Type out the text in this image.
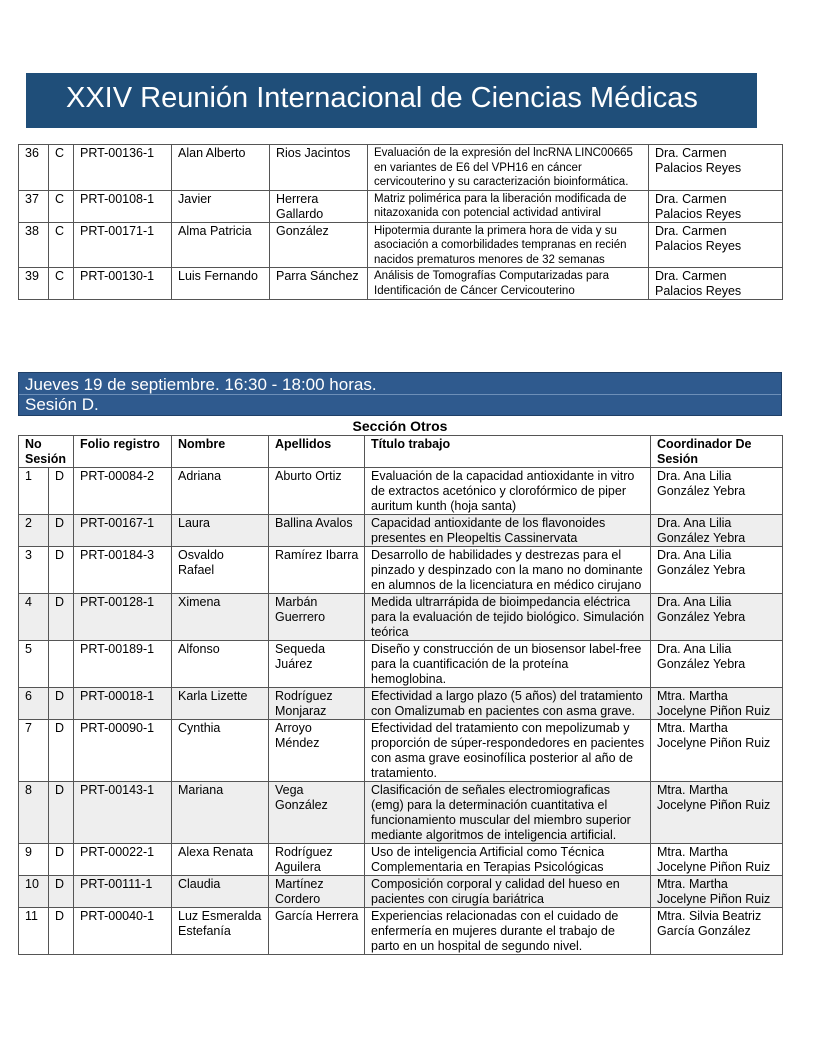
XXIV Reunión Internacional de Ciencias Médicas
36	C	PRT-00136-1	Alan Alberto	Rios Jacintos	Evaluación de la expresión del lncRNA LINC00665 en variantes de E6 del VPH16 en cáncer cervicouterino y su caracterización bioinformática.	Dra. Carmen Palacios Reyes
37	C	PRT-00108-1	Javier	Herrera Gallardo	Matriz polimérica para la liberación modificada de nitazoxanida con potencial actividad antiviral	Dra. Carmen Palacios Reyes
38	C	PRT-00171-1	Alma Patricia	González	Hipotermia durante la primera hora de vida y su asociación a comorbilidades tempranas en recién nacidos prematuros menores de 32 semanas	Dra. Carmen Palacios Reyes
39	C	PRT-00130-1	Luis Fernando	Parra Sánchez	Análisis de Tomografías Computarizadas para Identificación de Cáncer Cervicouterino	Dra. Carmen Palacios Reyes
Jueves 19 de septiembre. 16:30 - 18:00 horas.
Sesión D.
Sección Otros
No Sesión		Folio registro	Nombre	Apellidos	Título trabajo	Coordinador De Sesión
1	D	PRT-00084-2	Adriana	Aburto Ortiz	Evaluación de la capacidad antioxidante in vitro de extractos acetónico y clorofórmico de piper auritum kunth (hoja santa)	Dra. Ana Lilia González Yebra
2	D	PRT-00167-1	Laura	Ballina Avalos	Capacidad antioxidante de los flavonoides presentes en Pleopeltis Cassinervata	Dra. Ana Lilia González Yebra
3	D	PRT-00184-3	Osvaldo Rafael	Ramírez Ibarra	Desarrollo de habilidades y destrezas para el pinzado y despinzado con la mano no dominante en alumnos de la licenciatura en médico cirujano	Dra. Ana Lilia González Yebra
4	D	PRT-00128-1	Ximena	Marbán Guerrero	Medida ultrarrápida de bioimpedancia eléctrica para la evaluación de tejido biológico. Simulación teórica	Dra. Ana Lilia González Yebra
5		PRT-00189-1	Alfonso	Sequeda Juárez	Diseño y construcción de un biosensor label-free para la cuantificación de la proteína hemoglobina.	Dra. Ana Lilia González Yebra
6	D	PRT-00018-1	Karla Lizette	Rodríguez Monjaraz	Efectividad a largo plazo (5 años) del tratamiento con Omalizumab en pacientes con asma grave.	Mtra. Martha Jocelyne Piñon Ruiz
7	D	PRT-00090-1	Cynthia	Arroyo Méndez	Efectividad del tratamiento con mepolizumab y proporción de súper-respondedores en pacientes con asma grave eosinofílica posterior al año de tratamiento.	Mtra. Martha Jocelyne Piñon Ruiz
8	D	PRT-00143-1	Mariana	Vega González	Clasificación de señales electromiograficas (emg) para la determinación cuantitativa el funcionamiento muscular del miembro superior mediante algoritmos de inteligencia artificial.	Mtra. Martha Jocelyne Piñon Ruiz
9	D	PRT-00022-1	Alexa Renata	Rodríguez Aguilera	Uso de inteligencia Artificial como Técnica Complementaria en Terapias Psicológicas	Mtra. Martha Jocelyne Piñon Ruiz
10	D	PRT-00111-1	Claudia	Martínez Cordero	Composición corporal y calidad del hueso en pacientes con cirugía bariátrica	Mtra. Martha Jocelyne Piñon Ruiz
11	D	PRT-00040-1	Luz Esmeralda Estefanía	García Herrera	Experiencias relacionadas con el cuidado de enfermería en mujeres durante el trabajo de parto en un hospital de segundo nivel.	Mtra. Silvia Beatriz García González
